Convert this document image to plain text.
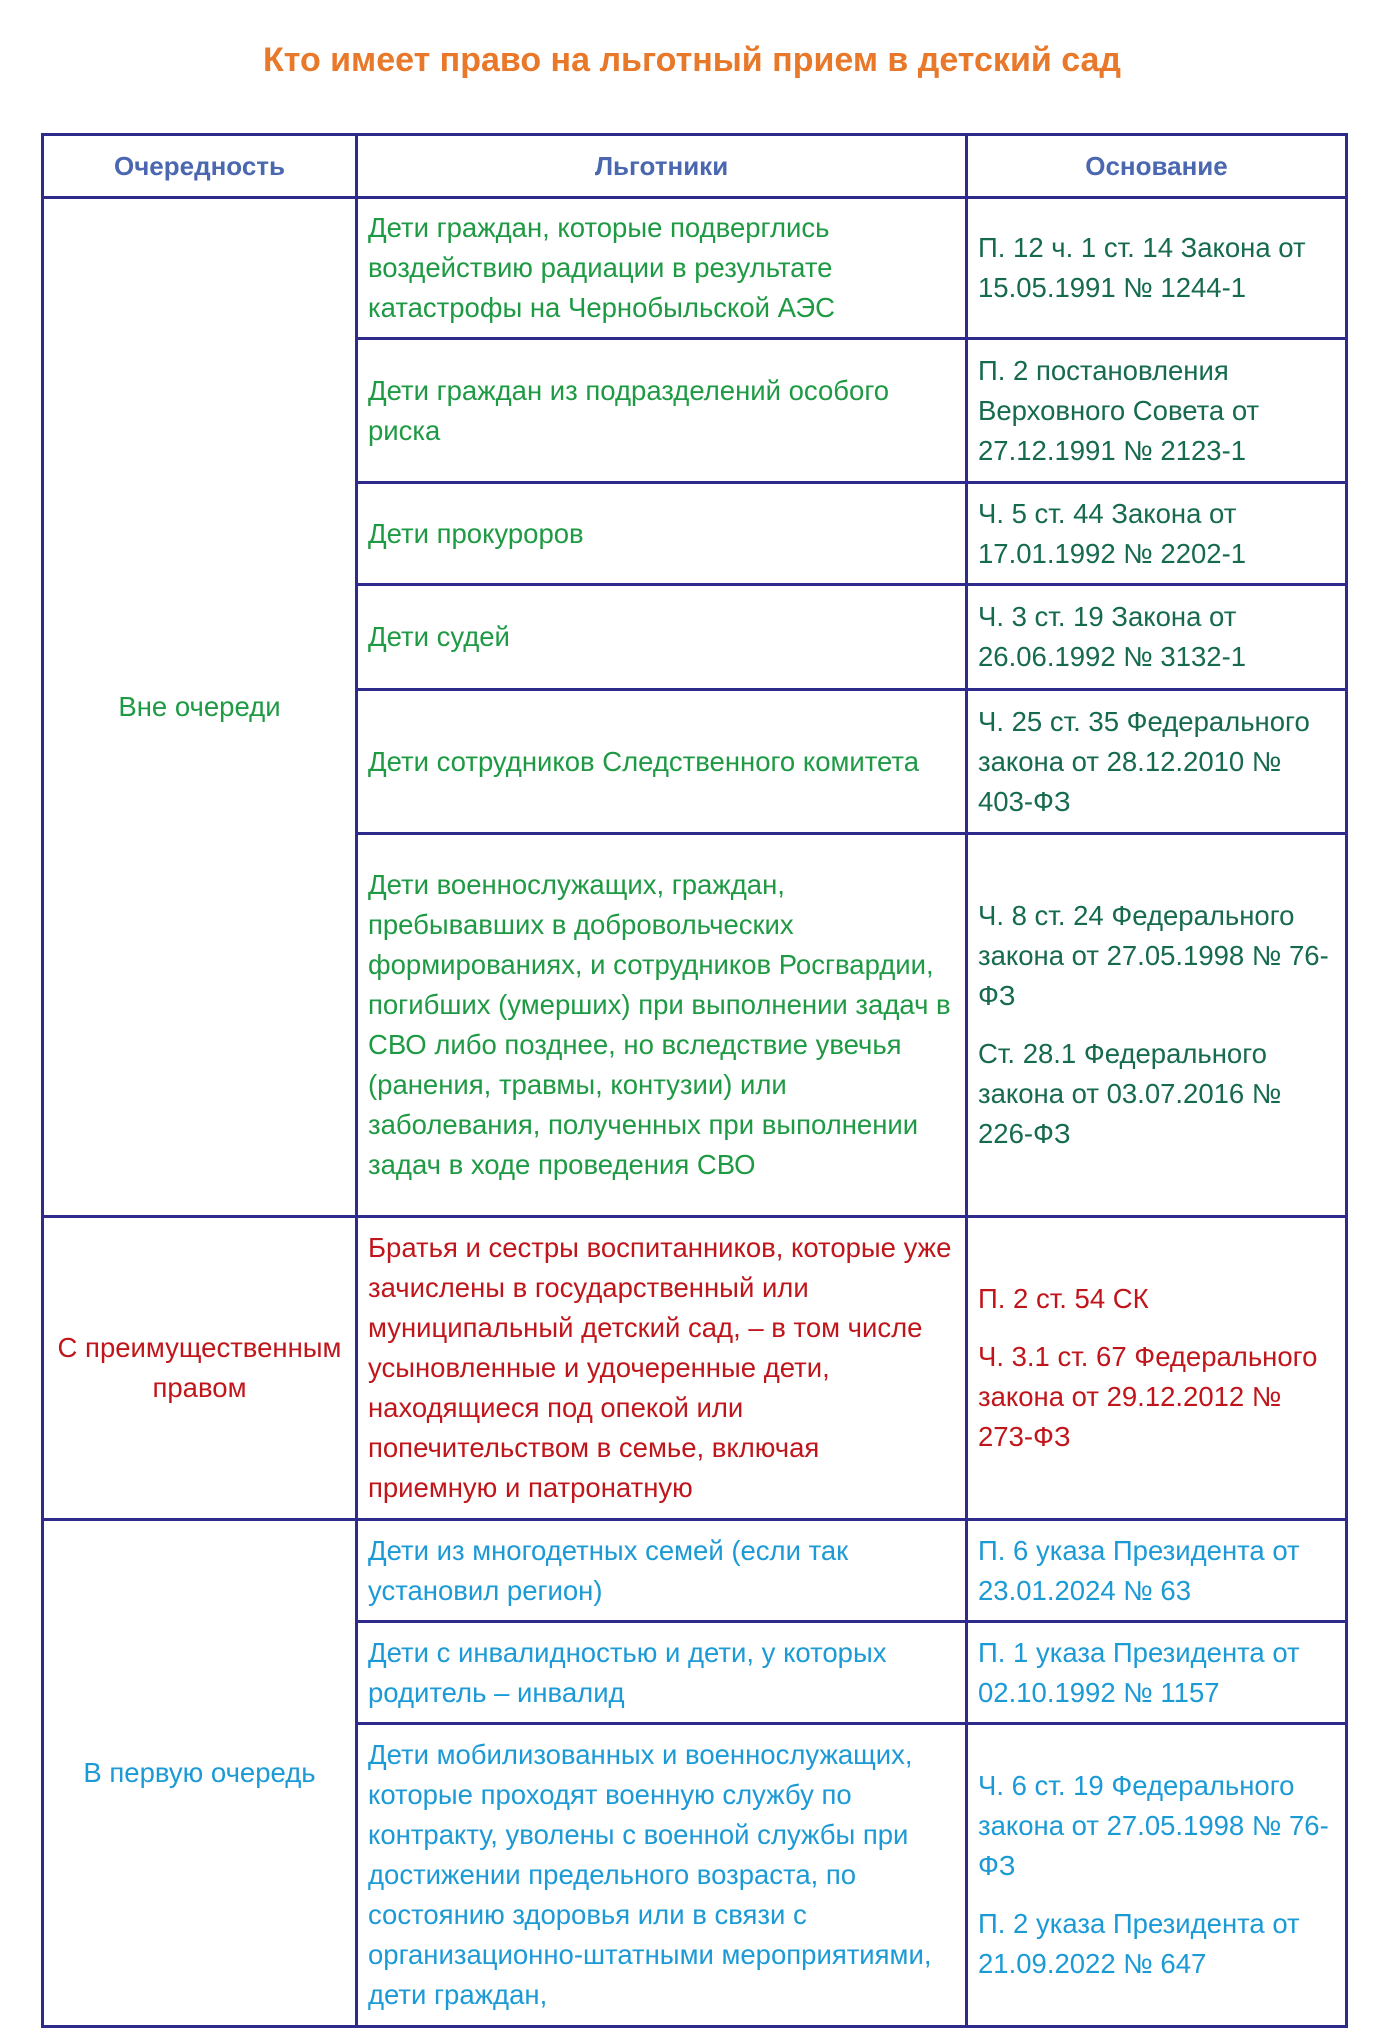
Кто имеет право на льготный прием в детский сад
Очередность	Льготники	Основание
Вне очереди	Дети граждан, которые подверглись воздействию радиации в результате катастрофы на Чернобыльской АЭС	П. 12 ч. 1 ст. 14 Закона от 15.05.1991 № 1244-1

	Дети граждан из подразделений особого риска	П. 2 постановления Верховного Совета от 27.12.1991 № 2123-1

	Дети прокуроров	Ч. 5 ст. 44 Закона от 17.01.1992 № 2202-1

	Дети судей	Ч. 3 ст. 19 Закона от 26.06.1992 № 3132-1

	Дети сотрудников Следственного комитета	Ч. 25 ст. 35 Федерального закона от 28.12.2010 № 403-ФЗ

	Дети военнослужащих, граждан, пребывавших в добровольческих формированиях, и сотрудников Росгвардии, погибших (умерших) при выполнении задач в СВО либо позднее, но вследствие увечья (ранения, травмы, контузии) или заболевания, полученных при выполнении задач в ходе проведения СВО	Ч. 8 ст. 24 Федерального закона от 27.05.1998 № 76-ФЗ
Ст. 28.1 Федерального закона от 03.07.2016 № 226-ФЗ

С преимущественным правом	Братья и сестры воспитанников, которые уже зачислены в государственный или муниципальный детский сад, – в том числе усыновленные и удочеренные дети, находящиеся под опекой или попечительством в семье, включая приемную и патронатную	П. 2 ст. 54 СК
Ч. 3.1 ст. 67 Федерального закона от 29.12.2012 № 273-ФЗ

В первую очередь	Дети из многодетных семей (если так установил регион)	П. 6 указа Президента от 23.01.2024 № 63

	Дети с инвалидностью и дети, у которых родитель – инвалид	П. 1 указа Президента от 02.10.1992 № 1157

	Дети мобилизованных и военнослужащих, которые проходят военную службу по контракту, уволены с военной службы при достижении предельного возраста, по состоянию здоровья или в связи с организационно-штатными мероприятиями, дети граждан,	Ч. 6 ст. 19 Федерального закона от 27.05.1998 № 76-ФЗ
П. 2 указа Президента от 21.09.2022 № 647
